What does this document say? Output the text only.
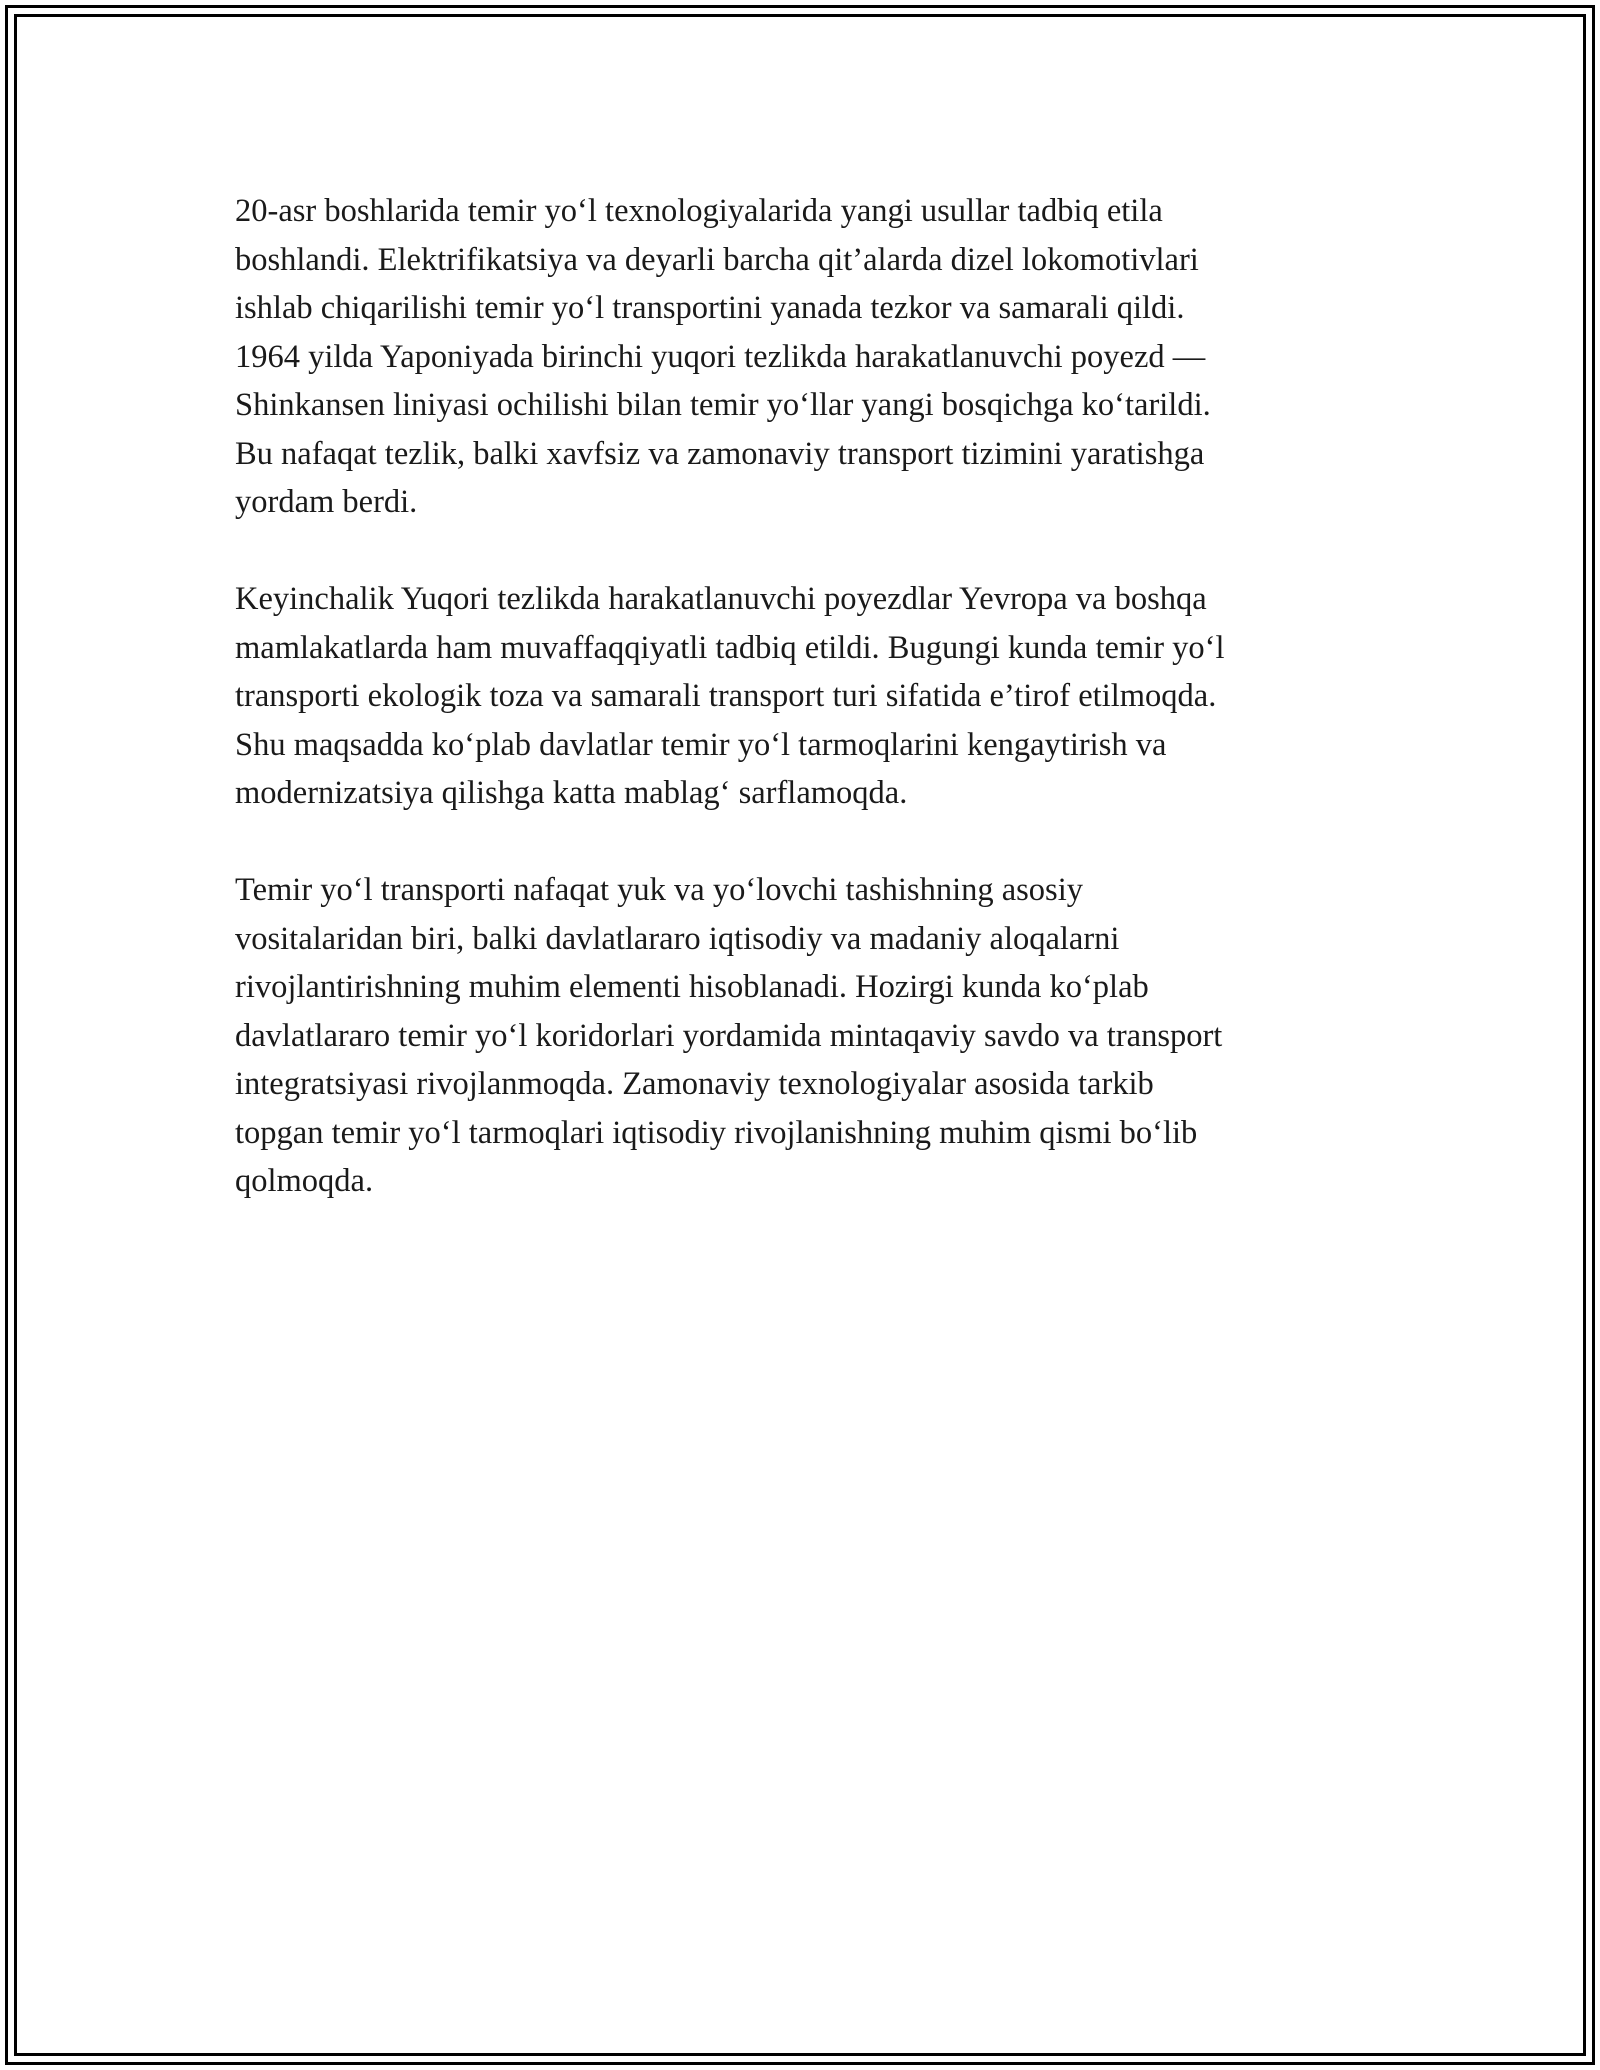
20-asr boshlarida temir yo‘l texnologiyalarida yangi usullar tadbiq etila
boshlandi. Elektrifikatsiya va deyarli barcha qit’alarda dizel lokomotivlari
ishlab chiqarilishi temir yo‘l transportini yanada tezkor va samarali qildi.
1964 yilda Yaponiyada birinchi yuqori tezlikda harakatlanuvchi poyezd —
Shinkansen liniyasi ochilishi bilan temir yo‘llar yangi bosqichga ko‘tarildi.
Bu nafaqat tezlik, balki xavfsiz va zamonaviy transport tizimini yaratishga
yordam berdi.

Keyinchalik Yuqori tezlikda harakatlanuvchi poyezdlar Yevropa va boshqa
mamlakatlarda ham muvaffaqqiyatli tadbiq etildi. Bugungi kunda temir yo‘l
transporti ekologik toza va samarali transport turi sifatida e’tirof etilmoqda.
Shu maqsadda ko‘plab davlatlar temir yo‘l tarmoqlarini kengaytirish va
modernizatsiya qilishga katta mablag‘ sarflamoqda.

Temir yo‘l transporti nafaqat yuk va yo‘lovchi tashishning asosiy
vositalaridan biri, balki davlatlararo iqtisodiy va madaniy aloqalarni
rivojlantirishning muhim elementi hisoblanadi. Hozirgi kunda ko‘plab
davlatlararo temir yo‘l koridorlari yordamida mintaqaviy savdo va transport
integratsiyasi rivojlanmoqda. Zamonaviy texnologiyalar asosida tarkib
topgan temir yo‘l tarmoqlari iqtisodiy rivojlanishning muhim qismi bo‘lib
qolmoqda.
